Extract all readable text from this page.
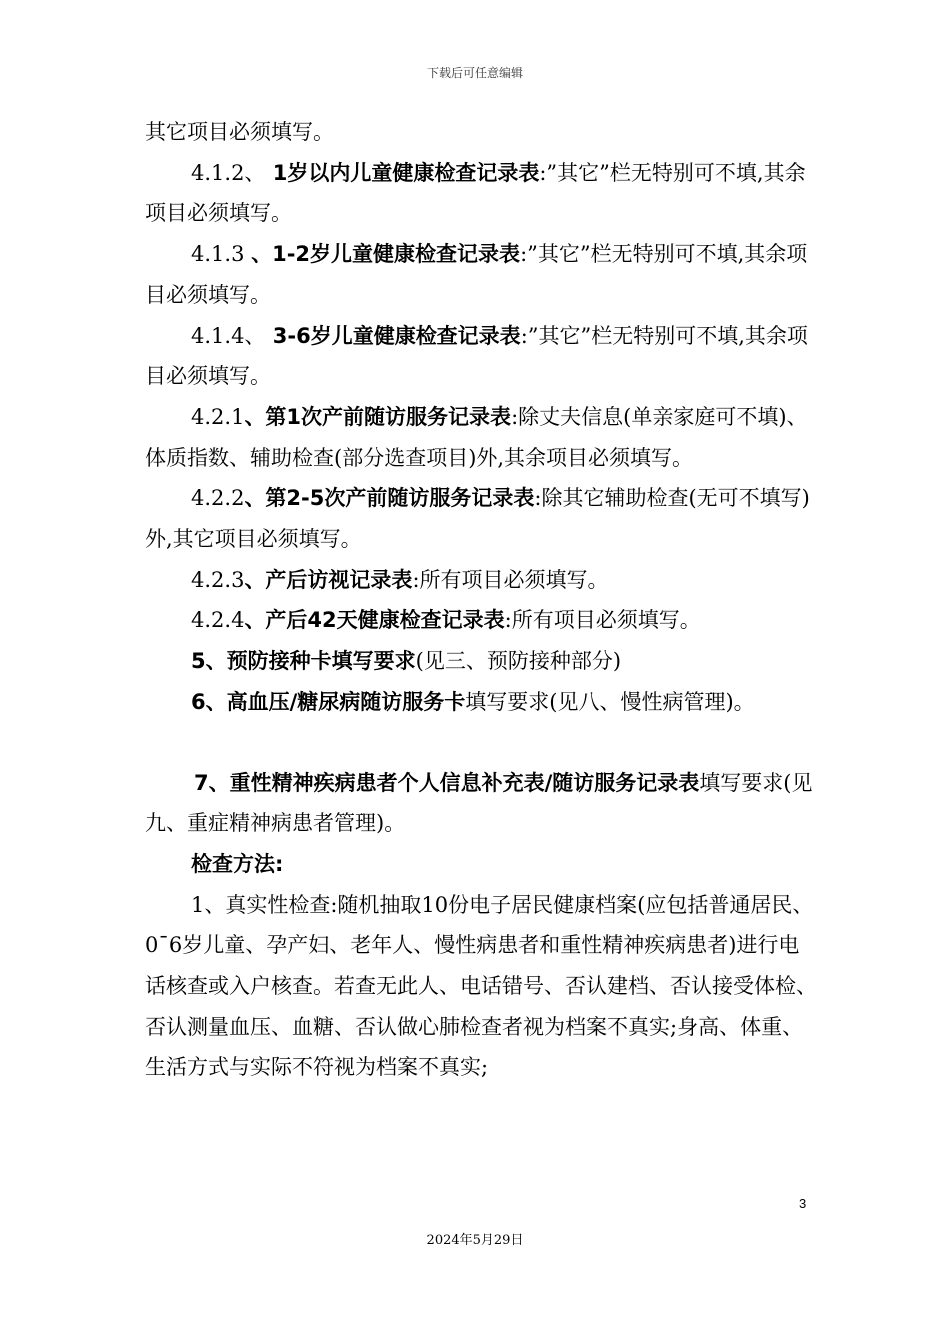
下载后可任意编辑

其它项目必须填写。

4.1.2、 1岁以内儿童健康检查记录表:”其它”栏无特别可不填,其余项目必须填写。

4.1.3 、1-2岁儿童健康检查记录表:”其它”栏无特别可不填,其余项目必须填写。

4.1.4、 3-6岁儿童健康检查记录表:”其它”栏无特别可不填,其余项目必须填写。

4.2.1、第1次产前随访服务记录表:除丈夫信息(单亲家庭可不填)、 体质指数、辅助检查(部分选查项目)外,其余项目必须填写。

4.2.2、第2-5次产前随访服务记录表:除其它辅助检查(无可不填写)外,其它项目必须填写。

4.2.3、产后访视记录表:所有项目必须填写。

4.2.4、产后42天健康检查记录表:所有项目必须填写。

5、预防接种卡填写要求(见三、预防接种部分)

6、高血压/糖尿病随访服务卡填写要求(见八、慢性病管理)。

7、重性精神疾病患者个人信息补充表/随访服务记录表填写要求(见九、重症精神病患者管理)。

检查方法:

1、真实性检查:随机抽取10份电子居民健康档案(应包括普通居民、0¯6岁儿童、孕产妇、老年人、慢性病患者和重性精神疾病患者)进行电话核查或入户核查。若查无此人、电话错号、否认建档、否认接受体检、否认测量血压、血糖、否认做心肺检查者视为档案不真实;身高、体重、生活方式与实际不符视为档案不真实;

3
2024年5月29日
